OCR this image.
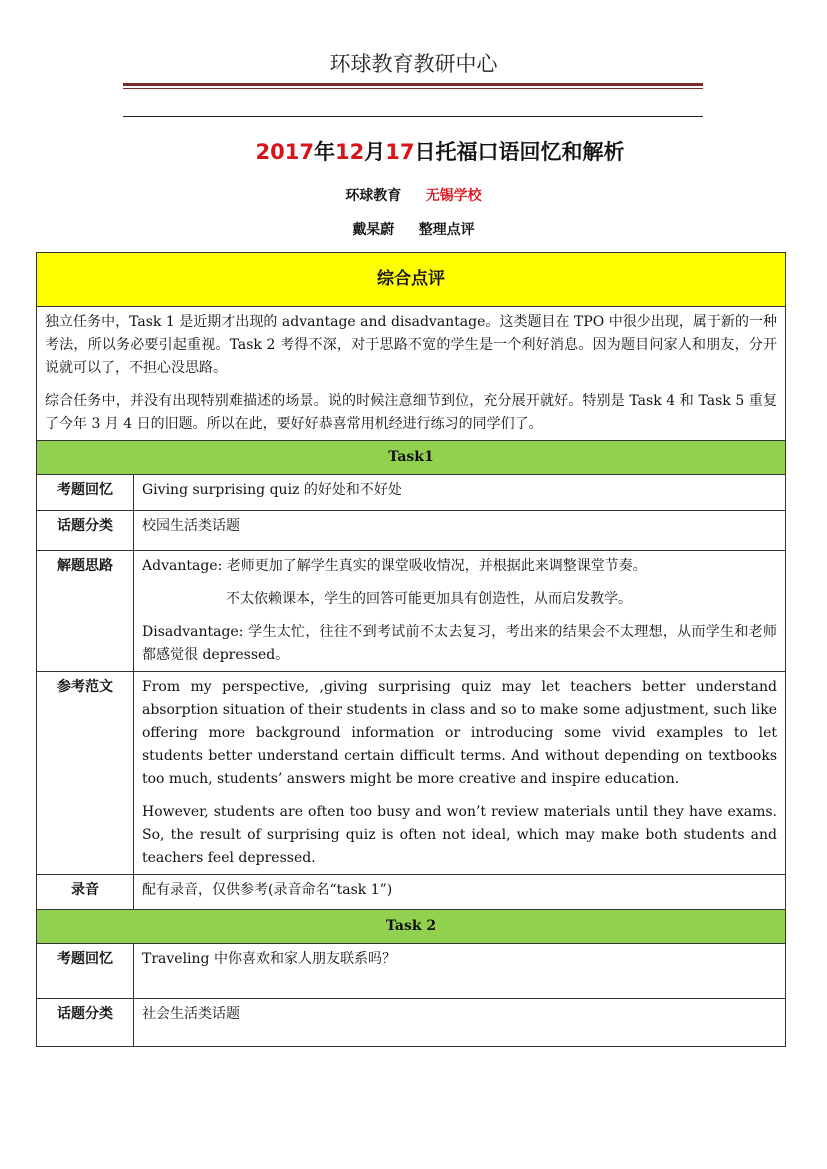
环球教育教研中心
2017年12月17日托福口语回忆和解析
环球教育 无锡学校
戴杲蔚 整理点评
综合点评	

独立任务中，Task 1 是近期才出现的 advantage and disadvantage。这类题目在 TPO 中很少出现，属于新的一种考法，所以务必要引起重视。Task 2 考得不深，对于思路不宽的学生是一个利好消息。因为题目问家人和朋友，分开说就可以了，不担心没思路。

综合任务中，并没有出现特别难描述的场景。说的时候注意细节到位，充分展开就好。特别是 Task 4 和 Task 5 重复了今年 3 月 4 日的旧题。所以在此，要好好恭喜常用机经进行练习的同学们了。	

Task1	
考题回忆	Giving surprising quiz 的好处和不好处
话题分类	校园生活类话题
解题思路	Advantage: 老师更加了解学生真实的课堂吸收情况，并根据此来调整课堂节奏。

不太依赖课本，学生的回答可能更加具有创造性，从而启发教学。

Disadvantage: 学生太忙，往往不到考试前不太去复习，考出来的结果会不太理想，从而学生和老师都感觉很 depressed。

参考范文	From my perspective, ,giving surprising quiz may let teachers better understand absorption situation of their students in class and so to make some adjustment, such like offering more background information or introducing some vivid examples to let students better understand certain difficult terms. And without depending on textbooks too much, students’ answers might be more creative and inspire education.

However, students are often too busy and won’t review materials until they have exams. So, the result of surprising quiz is often not ideal, which may make both students and teachers feel depressed.

录音	配有录音，仅供参考(录音命名“task 1”)
Task 2	
考题回忆	Traveling 中你喜欢和家人朋友联系吗？
话题分类	社会生活类话题
